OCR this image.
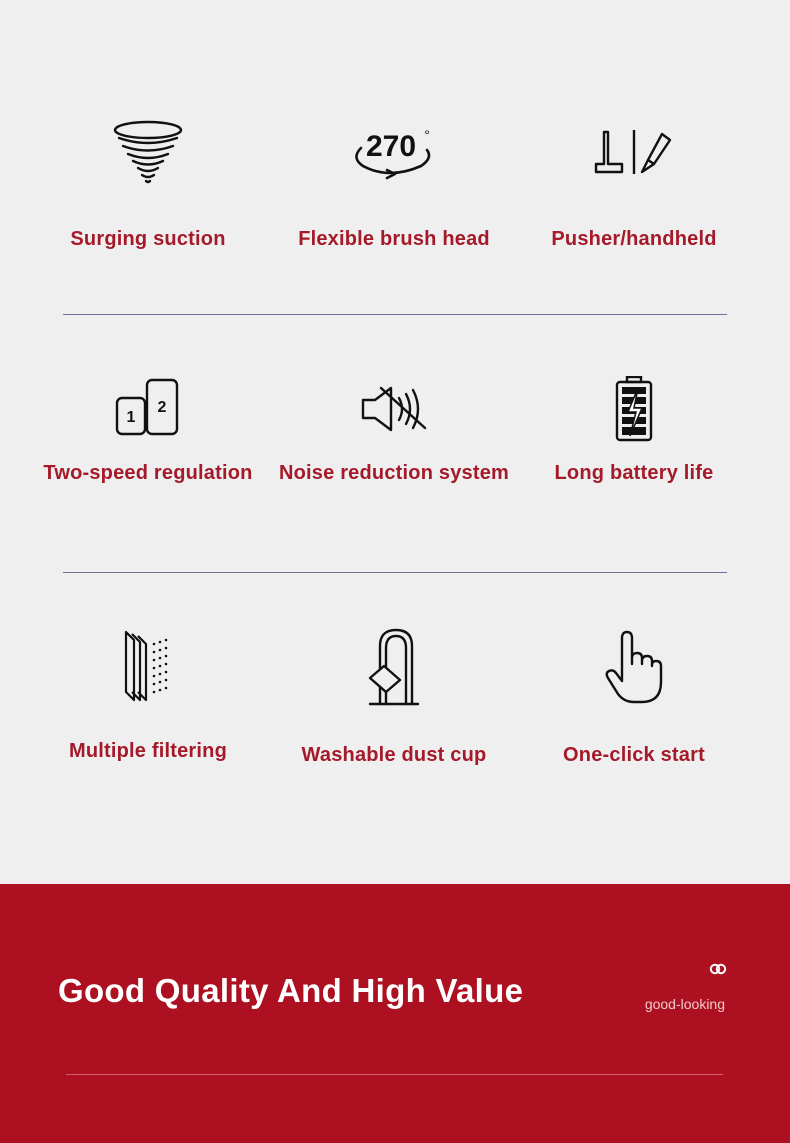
Surging suction
270 °
Flexible brush head	Pusher/handheld
1
2
Two-speed regulation	Noise reduction system	Long battery life
Multiple filtering	Washable dust cup	One-click start
Good Quality And High Value	good-looking
